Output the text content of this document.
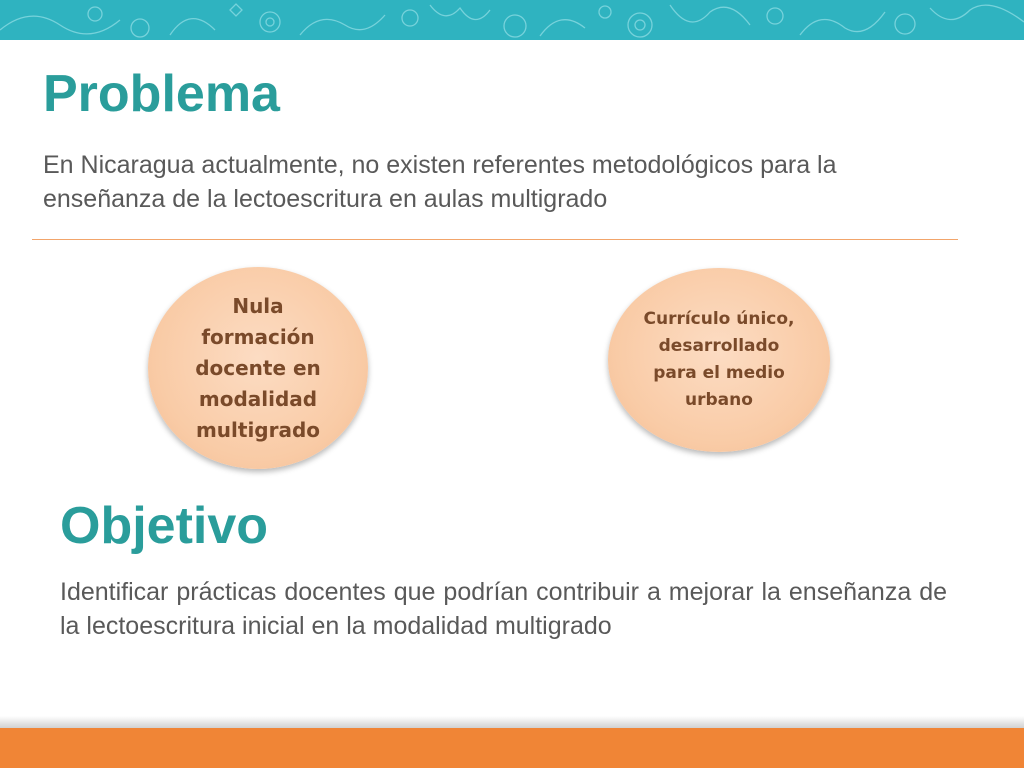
Problema

En Nicaragua actualmente, no existen referentes metodológicos para la enseñanza de la lectoescritura en aulas multigrado

Nula formación docente en modalidad multigrado
Currículo único, desarrollado para el medio urbano
Objetivo

Identificar prácticas docentes que podrían contribuir a mejorar la enseñanza de la lectoescritura inicial en la modalidad multigrado
